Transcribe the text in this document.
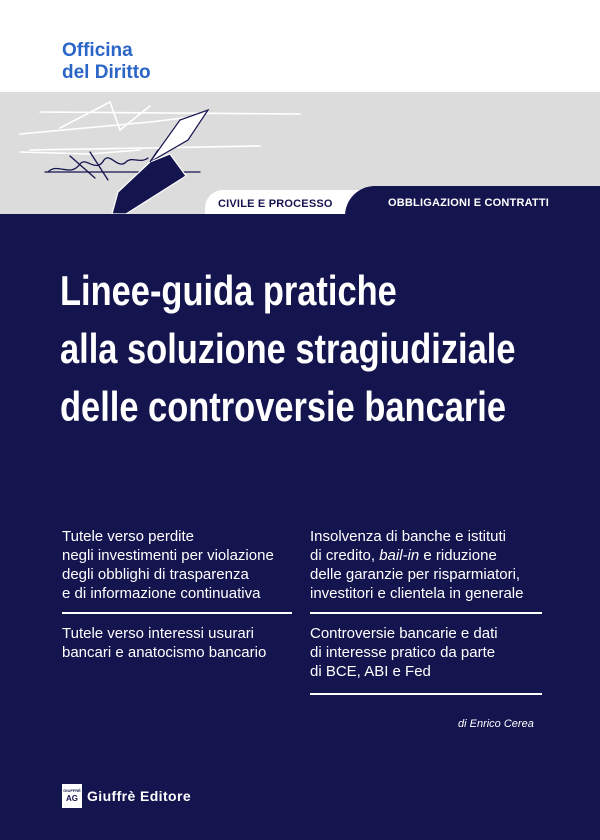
Officina
del Diritto
CIVILE E PROCESSO	OBBLIGAZIONI E CONTRATTI
Linee-guida pratiche
alla soluzione stragiudiziale
delle controversie bancarie
Tutele verso perdite
negli investimenti per violazione
degli obblighi di trasparenza
e di informazione continuativa
Tutele verso interessi usurari
bancari e anatocismo bancario
Insolvenza di banche e istituti
di credito, bail-in e riduzione
delle garanzie per risparmiatori,
investitori e clientela in generale
Controversie bancarie e dati
di interesse pratico da parte
di BCE, ABI e Fed
di Enrico Cerea
GIUFFRÈ
AG Giuffrè Editore
